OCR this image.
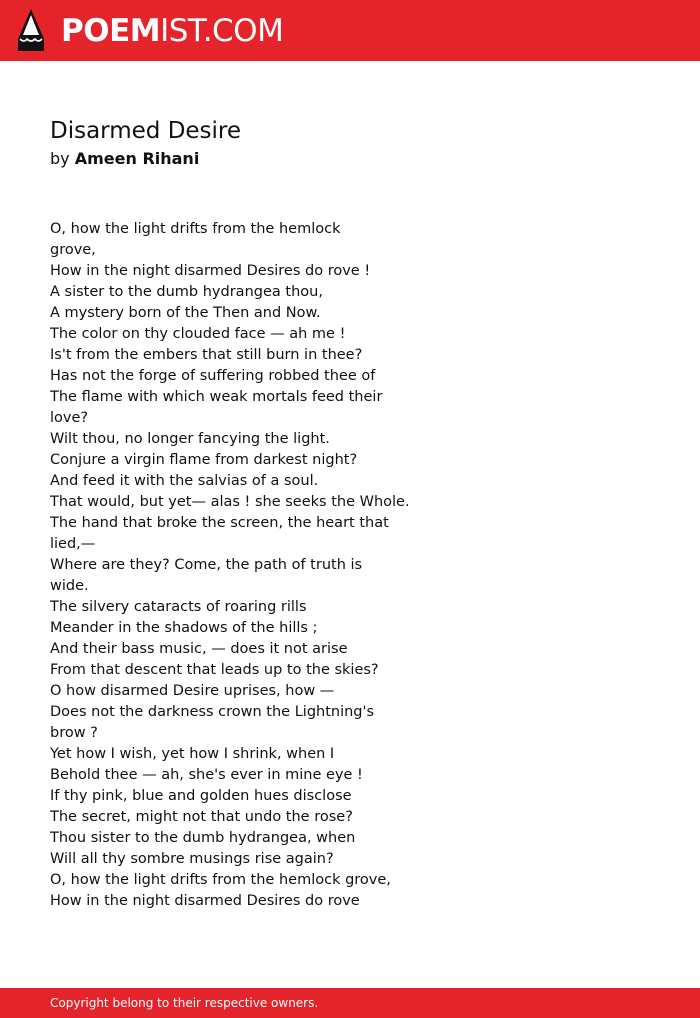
POEMIST.COM
Disarmed Desire
by Ameen Rihani
O, how the light drifts from the hemlock
grove,
How in the night disarmed Desires do rove !
A sister to the dumb hydrangea thou,
A mystery born of the Then and Now.
The color on thy clouded face — ah me !
Is't from the embers that still burn in thee?
Has not the forge of suffering robbed thee of
The flame with which weak mortals feed their
love?
Wilt thou, no longer fancying the light.
Conjure a virgin flame from darkest night?
And feed it with the salvias of a soul.
That would, but yet— alas ! she seeks the Whole.
The hand that broke the screen, the heart that
lied,—
Where are they? Come, the path of truth is
wide.
The silvery cataracts of roaring rills
Meander in the shadows of the hills ;
And their bass music, — does it not arise
From that descent that leads up to the skies?
O how disarmed Desire uprises, how —
Does not the darkness crown the Lightning's
brow ?
Yet how I wish, yet how I shrink, when I
Behold thee — ah, she's ever in mine eye !
If thy pink, blue and golden hues disclose
The secret, might not that undo the rose?
Thou sister to the dumb hydrangea, when
Will all thy sombre musings rise again?
O, how the light drifts from the hemlock grove,
How in the night disarmed Desires do rove
Copyright belong to their respective owners.
